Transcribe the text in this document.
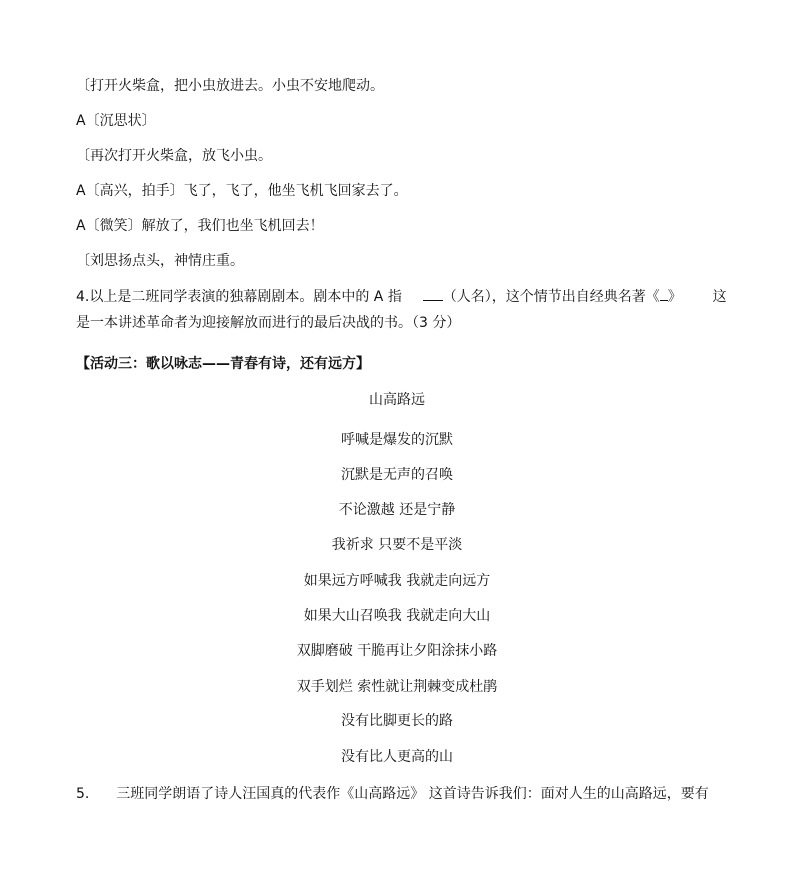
〔打开火柴盒，把小虫放进去。小虫不安地爬动。
A〔沉思状〕
〔再次打开火柴盒，放飞小虫。
A〔高兴，拍手〕飞了，飞了，他坐飞机飞回家去了。
A〔微笑〕解放了，我们也坐飞机回去！
〔刘思扬点头，神情庄重。
4.以上是二班同学表演的独幕剧剧本。剧本中的 A 指	（人名），这个情节出自经典名著《 》 这
是一本讲述革命者为迎接解放而进行的最后决战的书。（3 分）
【活动三：歌以咏志——青春有诗，还有远方】
山高路远
呼喊是爆发的沉默
沉默是无声的召唤
不论激越 还是宁静
我祈求 只要不是平淡
如果远方呼喊我 我就走向远方
如果大山召唤我 我就走向大山
双脚磨破 干脆再让夕阳涂抹小路
双手划烂 索性就让荆棘变成杜鹃
没有比脚更长的路
没有比人更高的山
5. 三班同学朗语了诗人汪国真的代表作《山高路远》 这首诗告诉我们：面对人生的山高路远，要有
